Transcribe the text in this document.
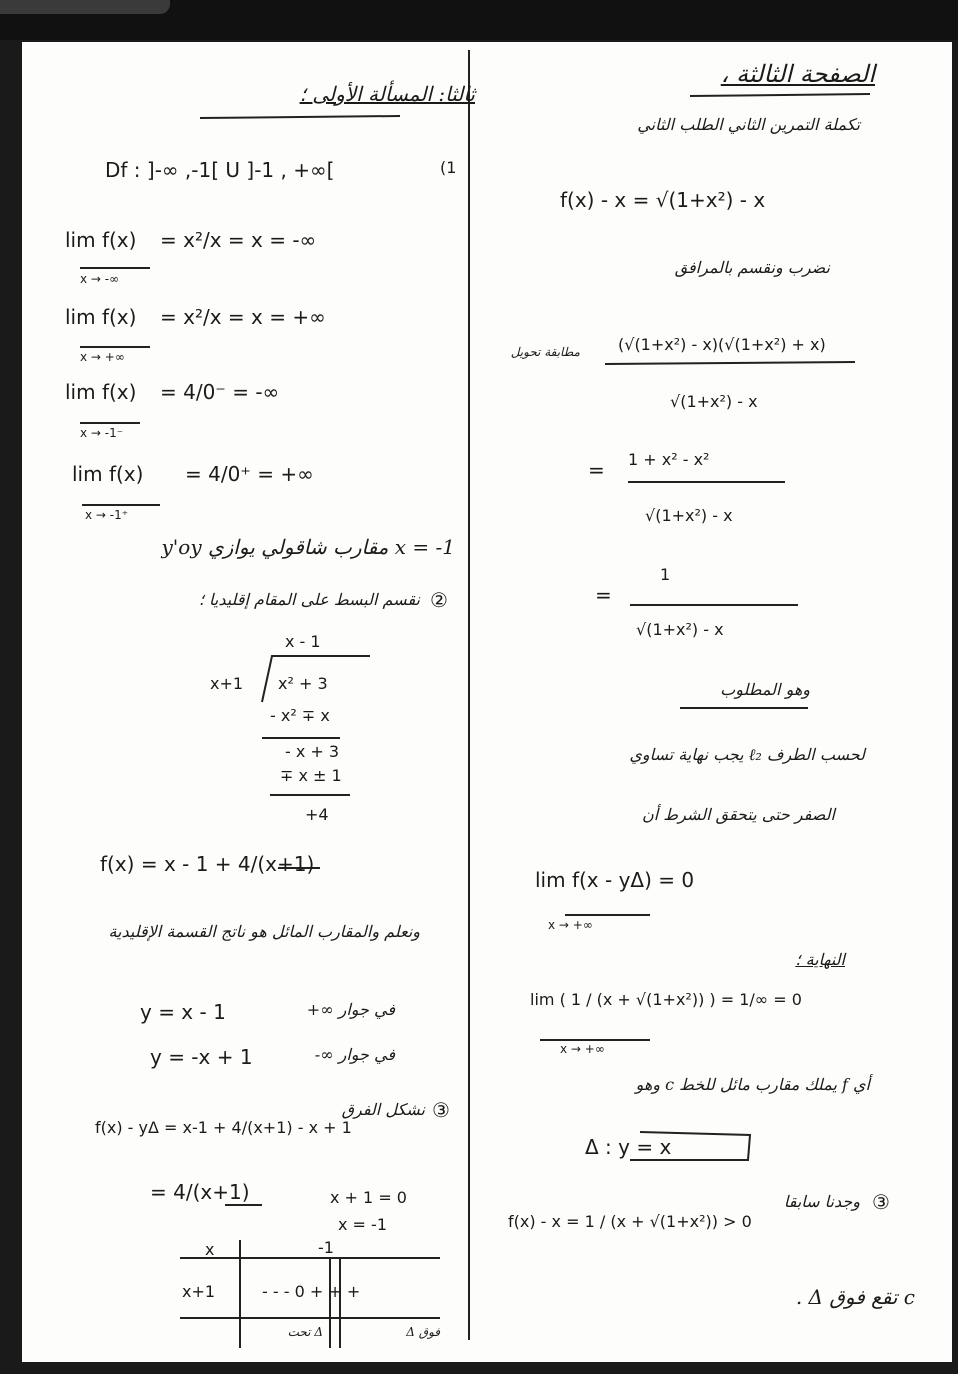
ثالثا: المسألة الأولى ؛
(1
Df : ]-∞ ,-1[ U ]-1 , +∞[
lim f(x)
x → -∞
= x²/x = x = -∞
lim f(x)
x → +∞
= x²/x = x = +∞
lim f(x)
x → -1⁻
= 4/0⁻ = -∞
lim f(x)
x → -1⁺
= 4/0⁺ = +∞
x = -1 مقارب شاقولي يوازي y'oy
②
نقسم البسط على المقام إقليديا ؛
x - 1
x+1 x² + 3
- x² ∓ x
- x + 3
∓ x ± 1
+4
f(x) = x - 1 + 4/(x+1)
ونعلم والمقارب المائل هو ناتج القسمة الإقليدية
y = x - 1	في جوار ∞+
y = -x + 1	في جوار ∞-
③
نشكل الفرق
f(x) - yΔ = x-1 + 4/(x+1) - x + 1
= 4/(x+1)	x + 1 = 0
x = -1
x	-1
x+1	- - - 0 + + +
Δ تحت	فوق Δ
الصفحة الثالثة ،
تكملة التمرين الثاني الطلب الثاني
f(x) - x = √(1+x²) - x
نضرب ونقسم بالمرافق
مطابقة تحويل (√(1+x²) - x)(√(1+x²) + x)
√(1+x²) - x
= 1 + x² - x²
√(1+x²) - x
=
1
√(1+x²) - x
وهو المطلوب
لحسب الطرف ℓ₂ يجب نهاية تساوي
الصفر حتى يتحقق الشرط أن
lim f(x - yΔ) = 0
x → +∞
النهاية ؛
lim ( 1 / (x + √(1+x²)) ) = 1/∞ = 0
x → +∞
أي f يملك مقارب مائل للخط c وهو
Δ : y = x
③
وجدنا سابقا
f(x) - x = 1 / (x + √(1+x²)) > 0
c تقع فوق Δ .
